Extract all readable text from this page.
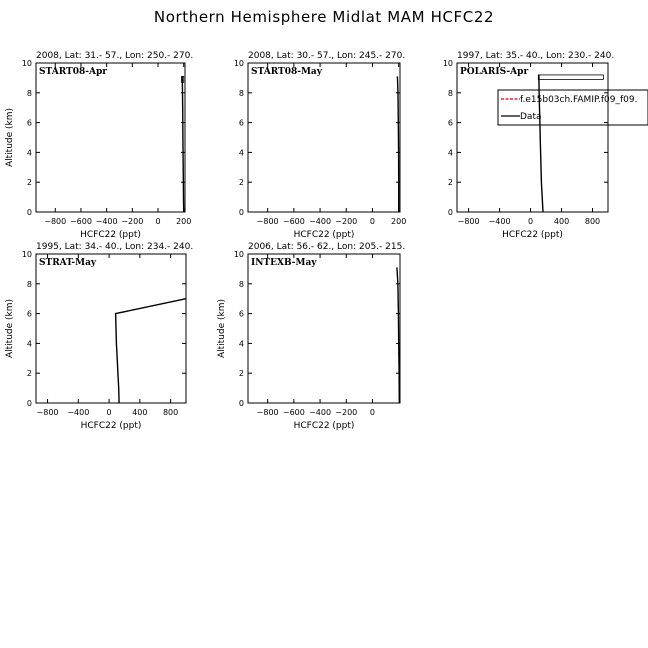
Northern Hemisphere Midlat MAM HCFC22
0
2
4
6
8
10
−800 −600 −400 −200 0 200
2008, Lat: 31.- 57., Lon: 250.- 270.
START08-Apr
HCFC22 (ppt)
Altitude (km)
0
2
4
6
8
10
−800 −600 −400 −200 0 200
2008, Lat: 30.- 57., Lon: 245.- 270.
START08-May
HCFC22 (ppt)
0
2
4
6
8
10
−800 −400 0	400 800
1997, Lat: 35.- 40., Lon: 230.- 240.
POLARIS-Apr
HCFC22 (ppt)
0
2
4
6
8
10
−800 −400 0	400 800
1995, Lat: 34.- 40., Lon: 234.- 240.
STRAT-May
HCFC22 (ppt)
Altitude (km)
0
2
4
6
8
10
−800 −600 −400 −200 0
2006, Lat: 56.- 62., Lon: 205.- 215.
INTEXB-May
HCFC22 (ppt)
Altitude (km)
f.e15b03ch.FAMIP.f09_f09.
Data
